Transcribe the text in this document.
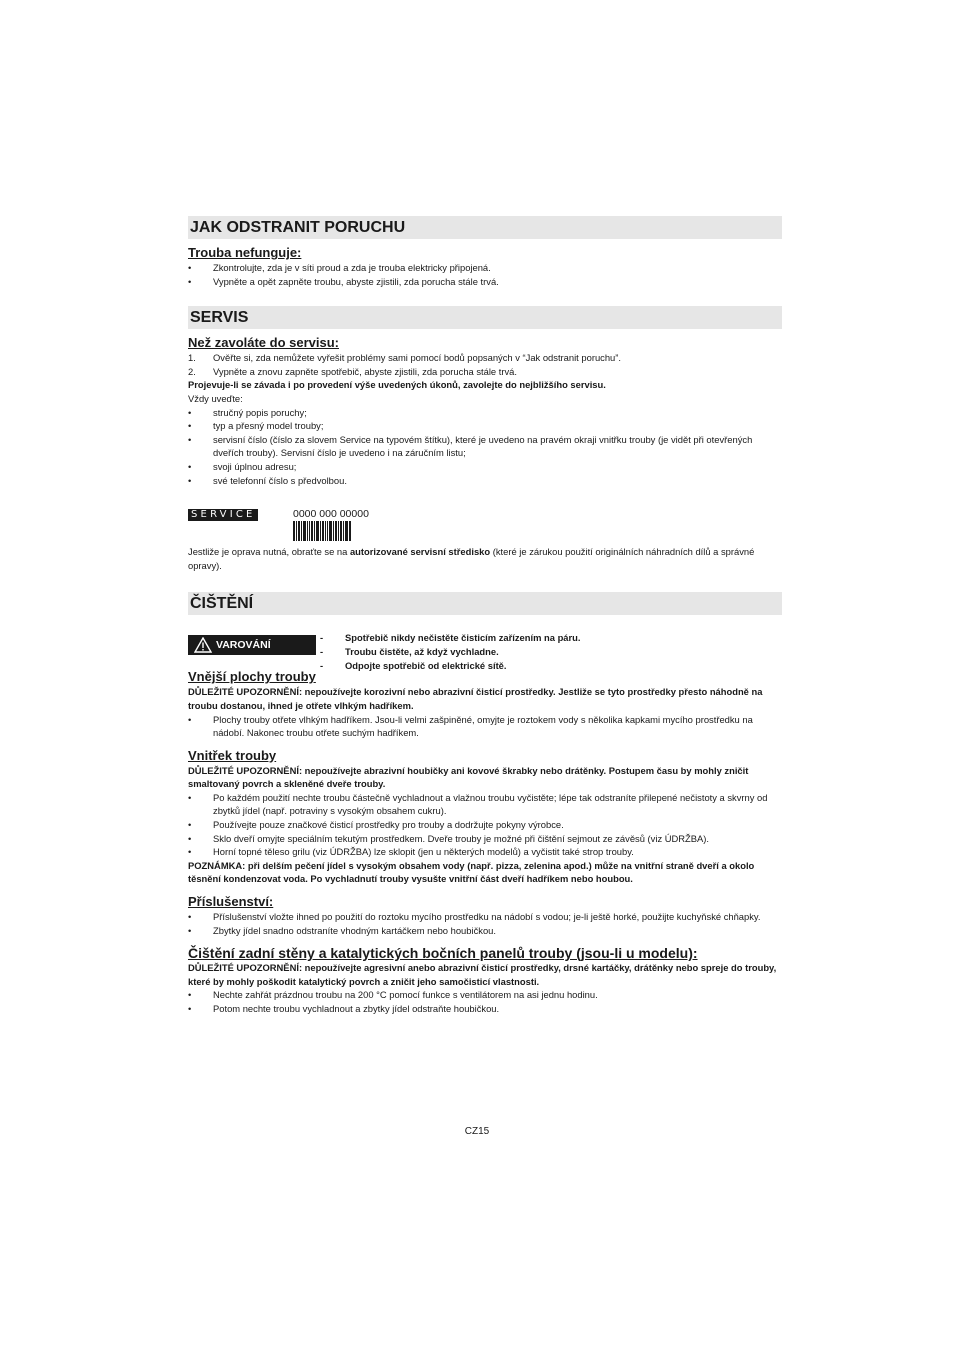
JAK ODSTRANIT PORUCHU

Trouba nefunguje:

• Zkontrolujte, zda je v síti proud a zda je trouba elektricky připojená.
• Vypněte a opět zapněte troubu, abyste zjistili, zda porucha stále trvá.
SERVIS

Než zavoláte do servisu:

1. Ověřte si, zda nemůžete vyřešit problémy sami pomocí bodů popsaných v “Jak odstranit poruchu”.
2. Vypněte a znovu zapněte spotřebič, abyste zjistili, zda porucha stále trvá.

Projevuje-li se závada i po provedení výše uvedených úkonů, zavolejte do nejbližšího servisu.

Vždy uveďte:

• stručný popis poruchy;
• typ a přesný model trouby;
• servisní číslo (číslo za slovem Service na typovém štítku), které je uvedeno na pravém okraji vnitřku trouby (je vidět při otevřených dveřích trouby). Servisní číslo je uvedeno i na záručním listu;
• svoji úplnou adresu;
• své telefonní číslo s předvolbou.
SERVICE	0000 000 00000

Jestliže je oprava nutná, obraťte se na autorizované servisní středisko (které je zárukou použití originálních náhradních dílů a správné opravy).

ČIŠTĚNÍ
VAROVÁNÍ
- Spotřebič nikdy nečistěte čisticím zařízením na páru.
- Troubu čistěte, až když vychladne.
- Odpojte spotřebič od elektrické sítě.

Vnější plochy trouby

DŮLEŽITÉ UPOZORNĚNÍ: nepoužívejte korozivní nebo abrazivní čisticí prostředky. Jestliže se tyto prostředky přesto náhodně na troubu dostanou, ihned je otřete vlhkým hadříkem.

• Plochy trouby otřete vlhkým hadříkem. Jsou-li velmi zašpiněné, omyjte je roztokem vody s několika kapkami mycího prostředku na nádobí. Nakonec troubu otřete suchým hadříkem.

Vnitřek trouby

DŮLEŽITÉ UPOZORNĚNÍ: nepoužívejte abrazivní houbičky ani kovové škrabky nebo drátěnky. Postupem času by mohly zničit smaltovaný povrch a skleněné dveře trouby.

• Po každém použití nechte troubu částečně vychladnout a vlažnou troubu vyčistěte; lépe tak odstraníte přilepené nečistoty a skvrny od zbytků jídel (např. potraviny s vysokým obsahem cukru).
• Používejte pouze značkové čisticí prostředky pro trouby a dodržujte pokyny výrobce.
• Sklo dveří omyjte speciálním tekutým prostředkem. Dveře trouby je možné při čištění sejmout ze závěsů (viz ÚDRŽBA).
• Horní topné těleso grilu (viz ÚDRŽBA) lze sklopit (jen u některých modelů) a vyčistit také strop trouby.

POZNÁMKA: při delším pečení jídel s vysokým obsahem vody (např. pizza, zelenina apod.) může na vnitřní straně dveří a okolo těsnění kondenzovat voda. Po vychladnutí trouby vysušte vnitřní část dveří hadříkem nebo houbou.

Příslušenství:

• Příslušenství vložte ihned po použití do roztoku mycího prostředku na nádobí s vodou; je-li ještě horké, použijte kuchyňské chňapky.
• Zbytky jídel snadno odstraníte vhodným kartáčkem nebo houbičkou.

Čištění zadní stěny a katalytických bočních panelů trouby (jsou-li u modelu):

DŮLEŽITÉ UPOZORNĚNÍ: nepoužívejte agresivní anebo abrazivní čisticí prostředky, drsné kartáčky, drátěnky nebo spreje do trouby, které by mohly poškodit katalytický povrch a zničit jeho samočisticí vlastnosti.

• Nechte zahřát prázdnou troubu na 200 °C pomocí funkce s ventilátorem na asi jednu hodinu.
• Potom nechte troubu vychladnout a zbytky jídel odstraňte houbičkou.
CZ15
